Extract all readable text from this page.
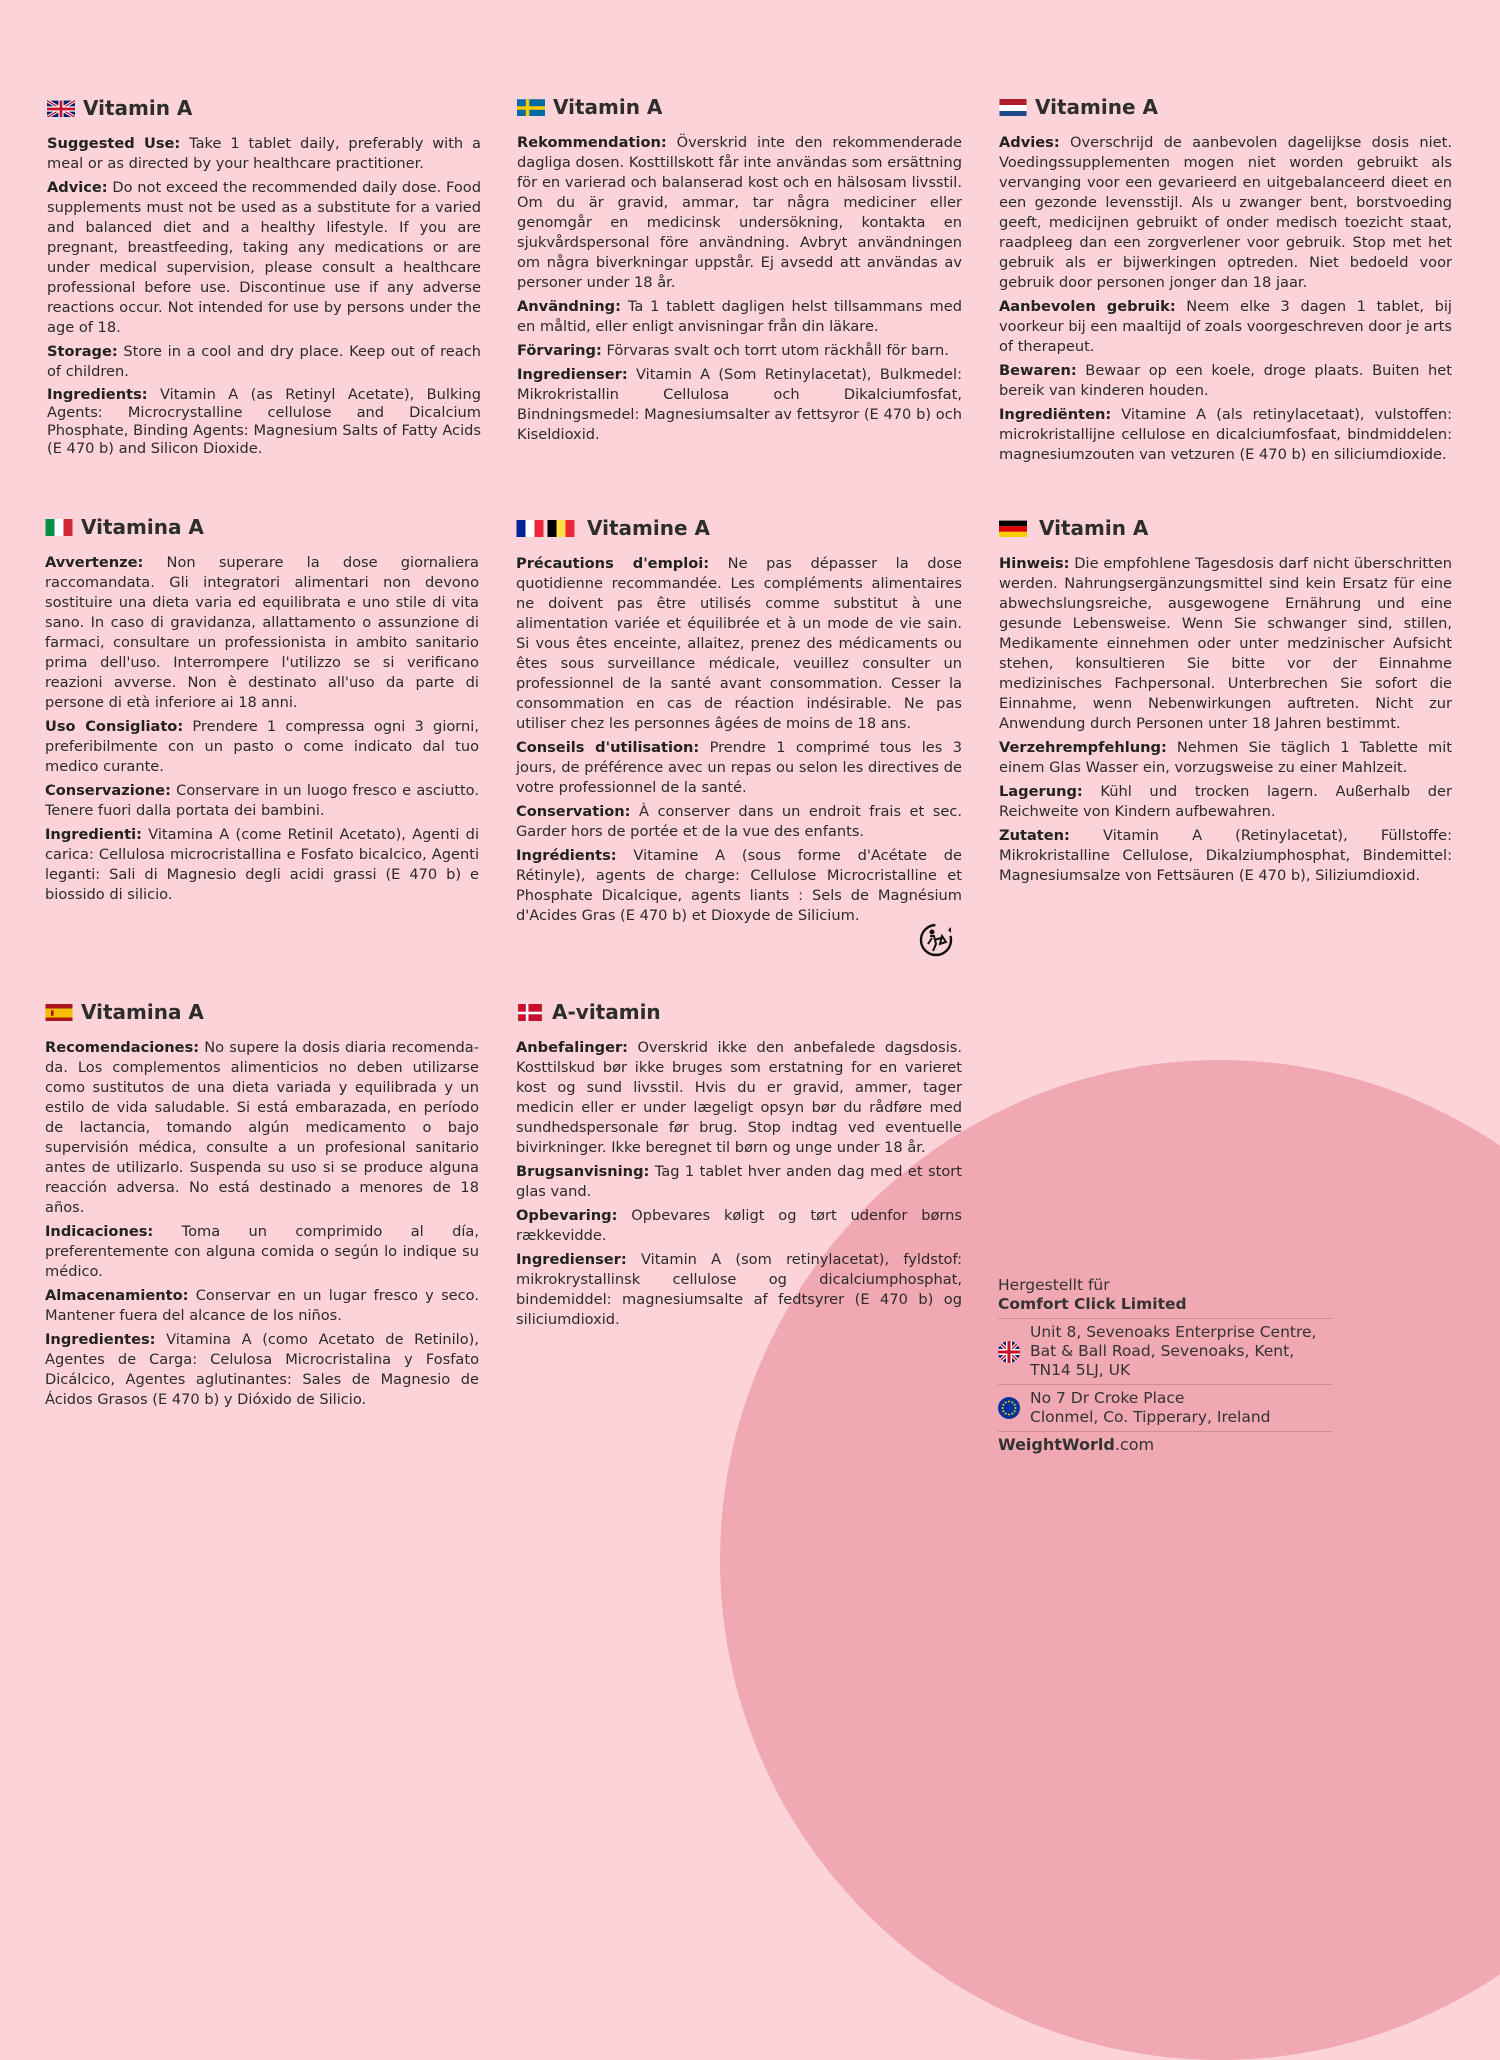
Vitamin A

Suggested Use: Take 1 tablet daily, preferably with a meal or as directed by your healthcare practitioner.

Advice: Do not exceed the recommended daily dose. Food supplements must not be used as a substitute for a varied and balanced diet and a healthy lifestyle. If you are pregnant, breastfeeding, taking any medications or are under medical supervision, please consult a healthcare professional before use. Discontinue use if any adverse reactions occur. Not intended for use by persons under the age of 18.

Storage: Store in a cool and dry place. Keep out of reach of children.

Ingredients: Vitamin A (as Retinyl Acetate), Bulking Agents: Microcrystalline cellulose and Dicalcium Phosphate, Binding Agents: Magnesium Salts of Fatty Acids (E 470 b) and Silicon Dioxide.

Vitamin A

Rekommendation: Överskrid inte den rekommenderade dagliga dosen. Kosttillskott får inte användas som ersättning för en varierad och balanserad kost och en hälsosam livsstil. Om du är gravid, ammar, tar några mediciner eller genomgår en medicinsk undersökning, kontakta en sjukvårdspersonal före användning. Avbryt användningen om några biverkningar uppstår. Ej avsedd att användas av personer under 18 år.

Användning: Ta 1 tablett dagligen helst tillsammans med en måltid, eller enligt anvisningar från din läkare.

Förvaring: Förvaras svalt och torrt utom räckhåll för barn.

Ingredienser: Vitamin A (Som Retinylacetat), Bulkmedel: Mikrokristallin Cellulosa och Dikalciumfosfat, Bindningsmedel: Magnesiumsalter av fettsyror (E 470 b) och Kiseldioxid.

Vitamine A

Advies: Overschrijd de aanbevolen dagelijkse dosis niet. Voedingssupplementen mogen niet worden gebruikt als vervanging voor een gevarieerd en uitgebalanceerd dieet en een gezonde levensstijl. Als u zwanger bent, borstvoeding geeft, medicijnen gebruikt of onder medisch toezicht staat, raadpleeg dan een zorgverlener voor gebruik. Stop met het gebruik als er bijwerkingen optreden. Niet bedoeld voor gebruik door personen jonger dan 18 jaar.

Aanbevolen gebruik: Neem elke 3 dagen 1 tablet, bij voorkeur bij een maaltijd of zoals voorgeschreven door je arts of therapeut.

Bewaren: Bewaar op een koele, droge plaats. Buiten het bereik van kinderen houden.

Ingrediënten: Vitamine A (als retinylacetaat), vulstoffen: microkristallijne cellulose en dicalciumfosfaat, bindmiddelen: magnesiumzouten van vetzuren (E 470 b) en siliciumdioxide.

Vitamina A

Avvertenze: Non superare la dose giornaliera raccomandata. Gli integratori alimentari non devono sostituire una dieta varia ed equilibrata e uno stile di vita sano. In caso di gravidanza, allattamento o assunzione di farmaci, consultare un professionista in ambito sanitario prima dell'uso. Interrompere l'utilizzo se si verificano reazioni avverse. Non è destinato all'uso da parte di persone di età inferiore ai 18 anni.

Uso Consigliato: Prendere 1 compressa ogni 3 giorni, preferibilmente con un pasto o come indicato dal tuo medico curante.

Conservazione: Conservare in un luogo fresco e asciutto. Tenere fuori dalla portata dei bambini.

Ingredienti: Vitamina A (come Retinil Acetato), Agenti di carica: Cellulosa microcristallina e Fosfato bicalcico, Agenti leganti: Sali di Magnesio degli acidi grassi (E 470 b) e biossido di silicio.

Vitamine A

Précautions d'emploi: Ne pas dépasser la dose quotidienne recommandée. Les compléments alimentaires ne doivent pas être utilisés comme substitut à une alimentation variée et équilibrée et à un mode de vie sain. Si vous êtes enceinte, allaitez, prenez des médicaments ou êtes sous surveillance médicale, veuillez consulter un professionnel de la santé avant consommation. Cesser la consommation en cas de réaction indésirable. Ne pas utiliser chez les personnes âgées de moins de 18 ans.

Conseils d'utilisation: Prendre 1 comprimé tous les 3 jours, de préférence avec un repas ou selon les directives de votre professionnel de la santé.

Conservation: À conserver dans un endroit frais et sec. Garder hors de portée et de la vue des enfants.

Ingrédients: Vitamine A (sous forme d'Acétate de Rétinyle), agents de charge: Cellulose Microcristalline et Phosphate Dicalcique, agents liants : Sels de Magnésium d'Acides Gras (E 470 b) et Dioxyde de Silicium.

Vitamin A

Hinweis: Die empfohlene Tagesdosis darf nicht überschritten werden. Nahrungsergänzungsmittel sind kein Ersatz für eine abwechslungsreiche, ausgewogene Ernährung und eine gesunde Lebensweise. Wenn Sie schwanger sind, stillen, Medikamente einnehmen oder unter medzinischer Aufsicht stehen, konsultieren Sie bitte vor der Einnahme medizinisches Fachpersonal. Unterbrechen Sie sofort die Einnahme, wenn Nebenwirkungen auftreten. Nicht zur Anwendung durch Personen unter 18 Jahren bestimmt.

Verzehrempfehlung: Nehmen Sie täglich 1 Tablette mit einem Glas Wasser ein, vorzugsweise zu einer Mahlzeit.

Lagerung: Kühl und trocken lagern. Außerhalb der Reichweite von Kindern aufbewahren.

Zutaten: Vitamin A (Retinylacetat), Füllstoffe: Mikrokristalline Cellulose, Dikalziumphosphat, Bindemittel: Magnesiumsalze von Fettsäuren (E 470 b), Siliziumdioxid.

Vitamina A

Recomendaciones: No supere la dosis diaria recomendada. Los complementos alimenticios no deben utilizarse como sustitutos de una dieta variada y equilibrada y un estilo de vida saludable. Si está embarazada, en período de lactancia, tomando algún medicamento o bajo supervisión médica, consulte a un profesional sanitario antes de utilizarlo. Suspenda su uso si se produce alguna reacción adversa. No está destinado a menores de 18 años.

Indicaciones: Toma un comprimido al día, preferentemente con alguna comida o según lo indique su médico.

Almacenamiento: Conservar en un lugar fresco y seco. Mantener fuera del alcance de los niños.

Ingredientes: Vitamina A (como Acetato de Retinilo), Agentes de Carga: Celulosa Microcristalina y Fosfato Dicálcico, Agentes aglutinantes: Sales de Magnesio de Ácidos Grasos (E 470 b) y Dióxido de Silicio.

A-vitamin

Anbefalinger: Overskrid ikke den anbefalede dagsdosis. Kosttilskud bør ikke bruges som erstatning for en varieret kost og sund livsstil. Hvis du er gravid, ammer, tager medicin eller er under lægeligt opsyn bør du rådføre med sundhedspersonale før brug. Stop indtag ved eventuelle bivirkninger. Ikke beregnet til børn og unge under 18 år.

Brugsanvisning: Tag 1 tablet hver anden dag med et stort glas vand.

Opbevaring: Opbevares køligt og tørt udenfor børns rækkevidde.

Ingredienser: Vitamin A (som retinylacetat), fyldstof: mikrokrystallinsk cellulose og dicalciumphosphat, bindemiddel: magnesiumsalte af fedtsyrer (E 470 b) og siliciumdioxid.

Hergestellt für
Comfort Click Limited
Unit 8, Sevenoaks Enterprise Centre,
Bat & Ball Road, Sevenoaks, Kent,
TN14 5LJ, UK
No 7 Dr Croke Place
Clonmel, Co. Tipperary, Ireland
WeightWorld.com
